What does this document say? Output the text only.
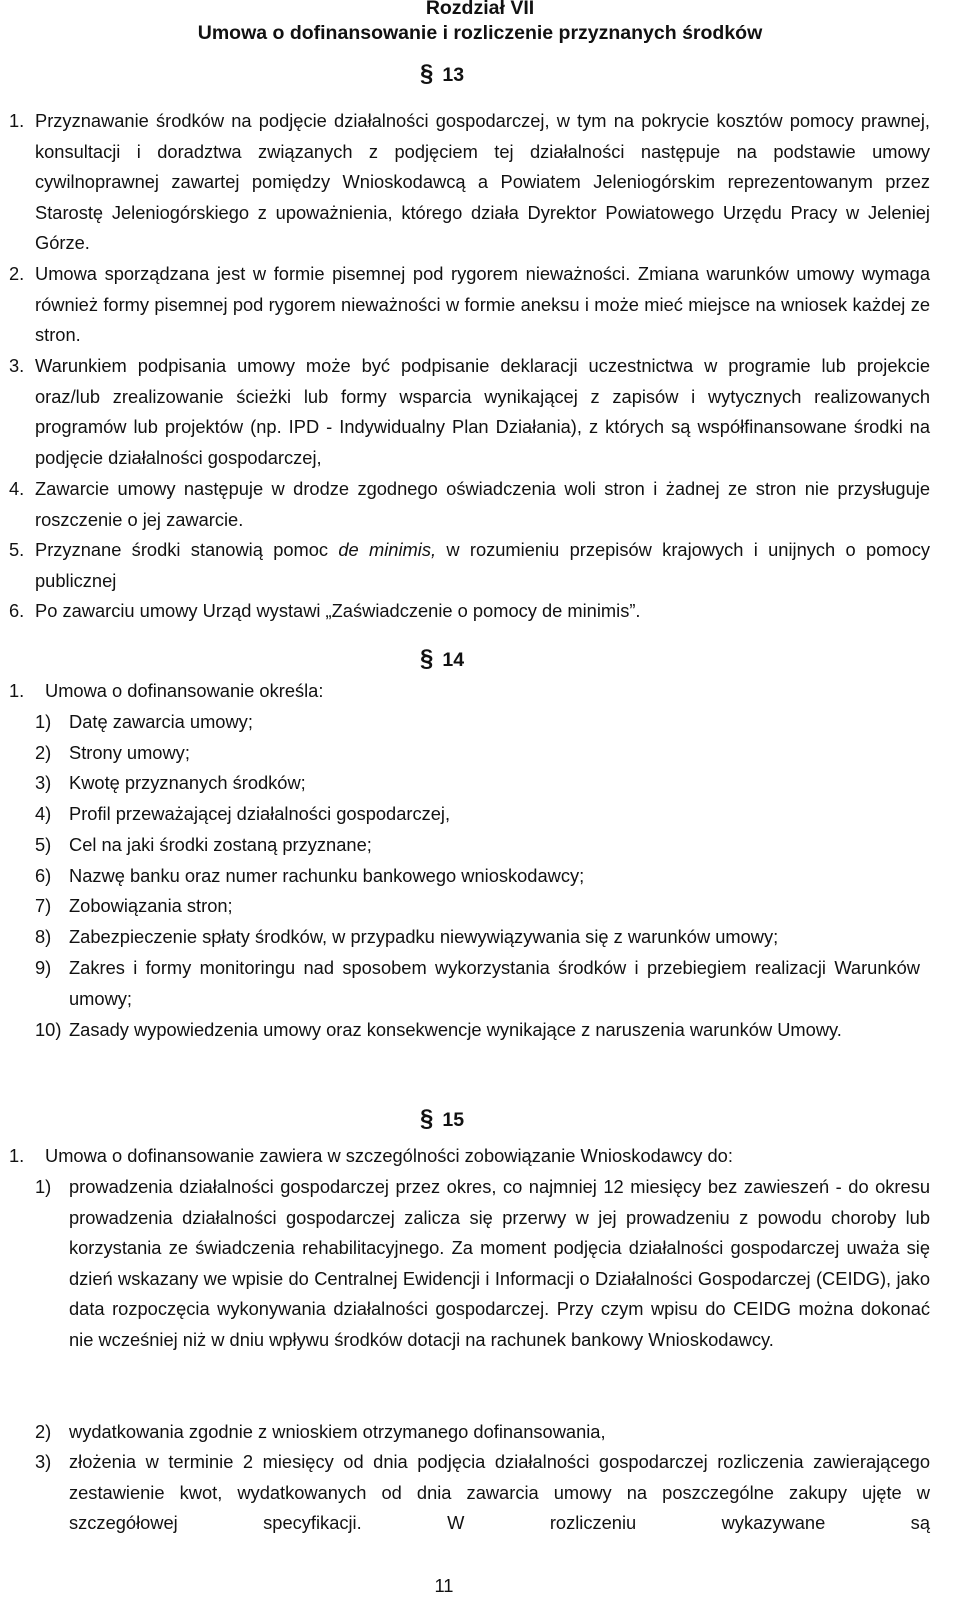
Rozdział VII
Umowa o dofinansowanie i rozliczenie przyznanych środków
§ 13
1. Przyznawanie środków na podjęcie działalności gospodarczej, w tym na pokrycie kosztów pomocy prawnej, konsultacji i doradztwa związanych z podjęciem tej działalności następuje na podstawie umowy cywilnoprawnej zawartej pomiędzy Wnioskodawcą a Powiatem Jeleniogórskim reprezentowanym przez Starostę Jeleniogórskiego z upoważnienia, którego działa Dyrektor Powiatowego Urzędu Pracy w Jeleniej Górze.
2. Umowa sporządzana jest w formie pisemnej pod rygorem nieważności. Zmiana warunków umowy wymaga również formy pisemnej pod rygorem nieważności w formie aneksu i może mieć miejsce na wniosek każdej ze stron.
3. Warunkiem podpisania umowy może być podpisanie deklaracji uczestnictwa w programie lub projekcie oraz/lub zrealizowanie ścieżki lub formy wsparcia wynikającej z zapisów i wytycznych realizowanych programów lub projektów (np. IPD - Indywidualny Plan Działania), z których są współfinansowane środki na podjęcie działalności gospodarczej,
4. Zawarcie umowy następuje w drodze zgodnego oświadczenia woli stron i żadnej ze stron nie przysługuje roszczenie o jej zawarcie.
5. Przyznane środki stanowią pomoc de minimis, w rozumieniu przepisów krajowych i unijnych o pomocy publicznej
6. Po zawarciu umowy Urząd wystawi „Zaświadczenie o pomocy de minimis”.
§ 14
1. Umowa o dofinansowanie określa:
1) Datę zawarcia umowy;
2) Strony umowy;
3) Kwotę przyznanych środków;
4) Profil przeważającej działalności gospodarczej,
5) Cel na jaki środki zostaną przyznane;
6) Nazwę banku oraz numer rachunku bankowego wnioskodawcy;
7) Zobowiązania stron;
8) Zabezpieczenie spłaty środków, w przypadku niewywiązywania się z warunków umowy;
9) Zakres i formy monitoringu nad sposobem wykorzystania środków i przebiegiem realizacji Warunków umowy;
10) Zasady wypowiedzenia umowy oraz konsekwencje wynikające z naruszenia warunków Umowy.
§ 15
1. Umowa o dofinansowanie zawiera w szczególności zobowiązanie Wnioskodawcy do:
1) prowadzenia działalności gospodarczej przez okres, co najmniej 12 miesięcy bez zawieszeń - do okresu prowadzenia działalności gospodarczej zalicza się przerwy w jej prowadzeniu z powodu choroby lub korzystania ze świadczenia rehabilitacyjnego. Za moment podjęcia działalności gospodarczej uważa się dzień wskazany we wpisie do Centralnej Ewidencji i Informacji o Działalności Gospodarczej (CEIDG), jako data rozpoczęcia wykonywania działalności gospodarczej. Przy czym wpisu do CEIDG można dokonać nie wcześniej niż w dniu wpływu środków dotacji na rachunek bankowy Wnioskodawcy.
2) wydatkowania zgodnie z wnioskiem otrzymanego dofinansowania,
3) złożenia w terminie 2 miesięcy od dnia podjęcia działalności gospodarczej rozliczenia zawierającego zestawienie kwot, wydatkowanych od dnia zawarcia umowy na poszczególne zakupy ujęte w szczegółowej specyfikacji. W rozliczeniu wykazywane są
11
